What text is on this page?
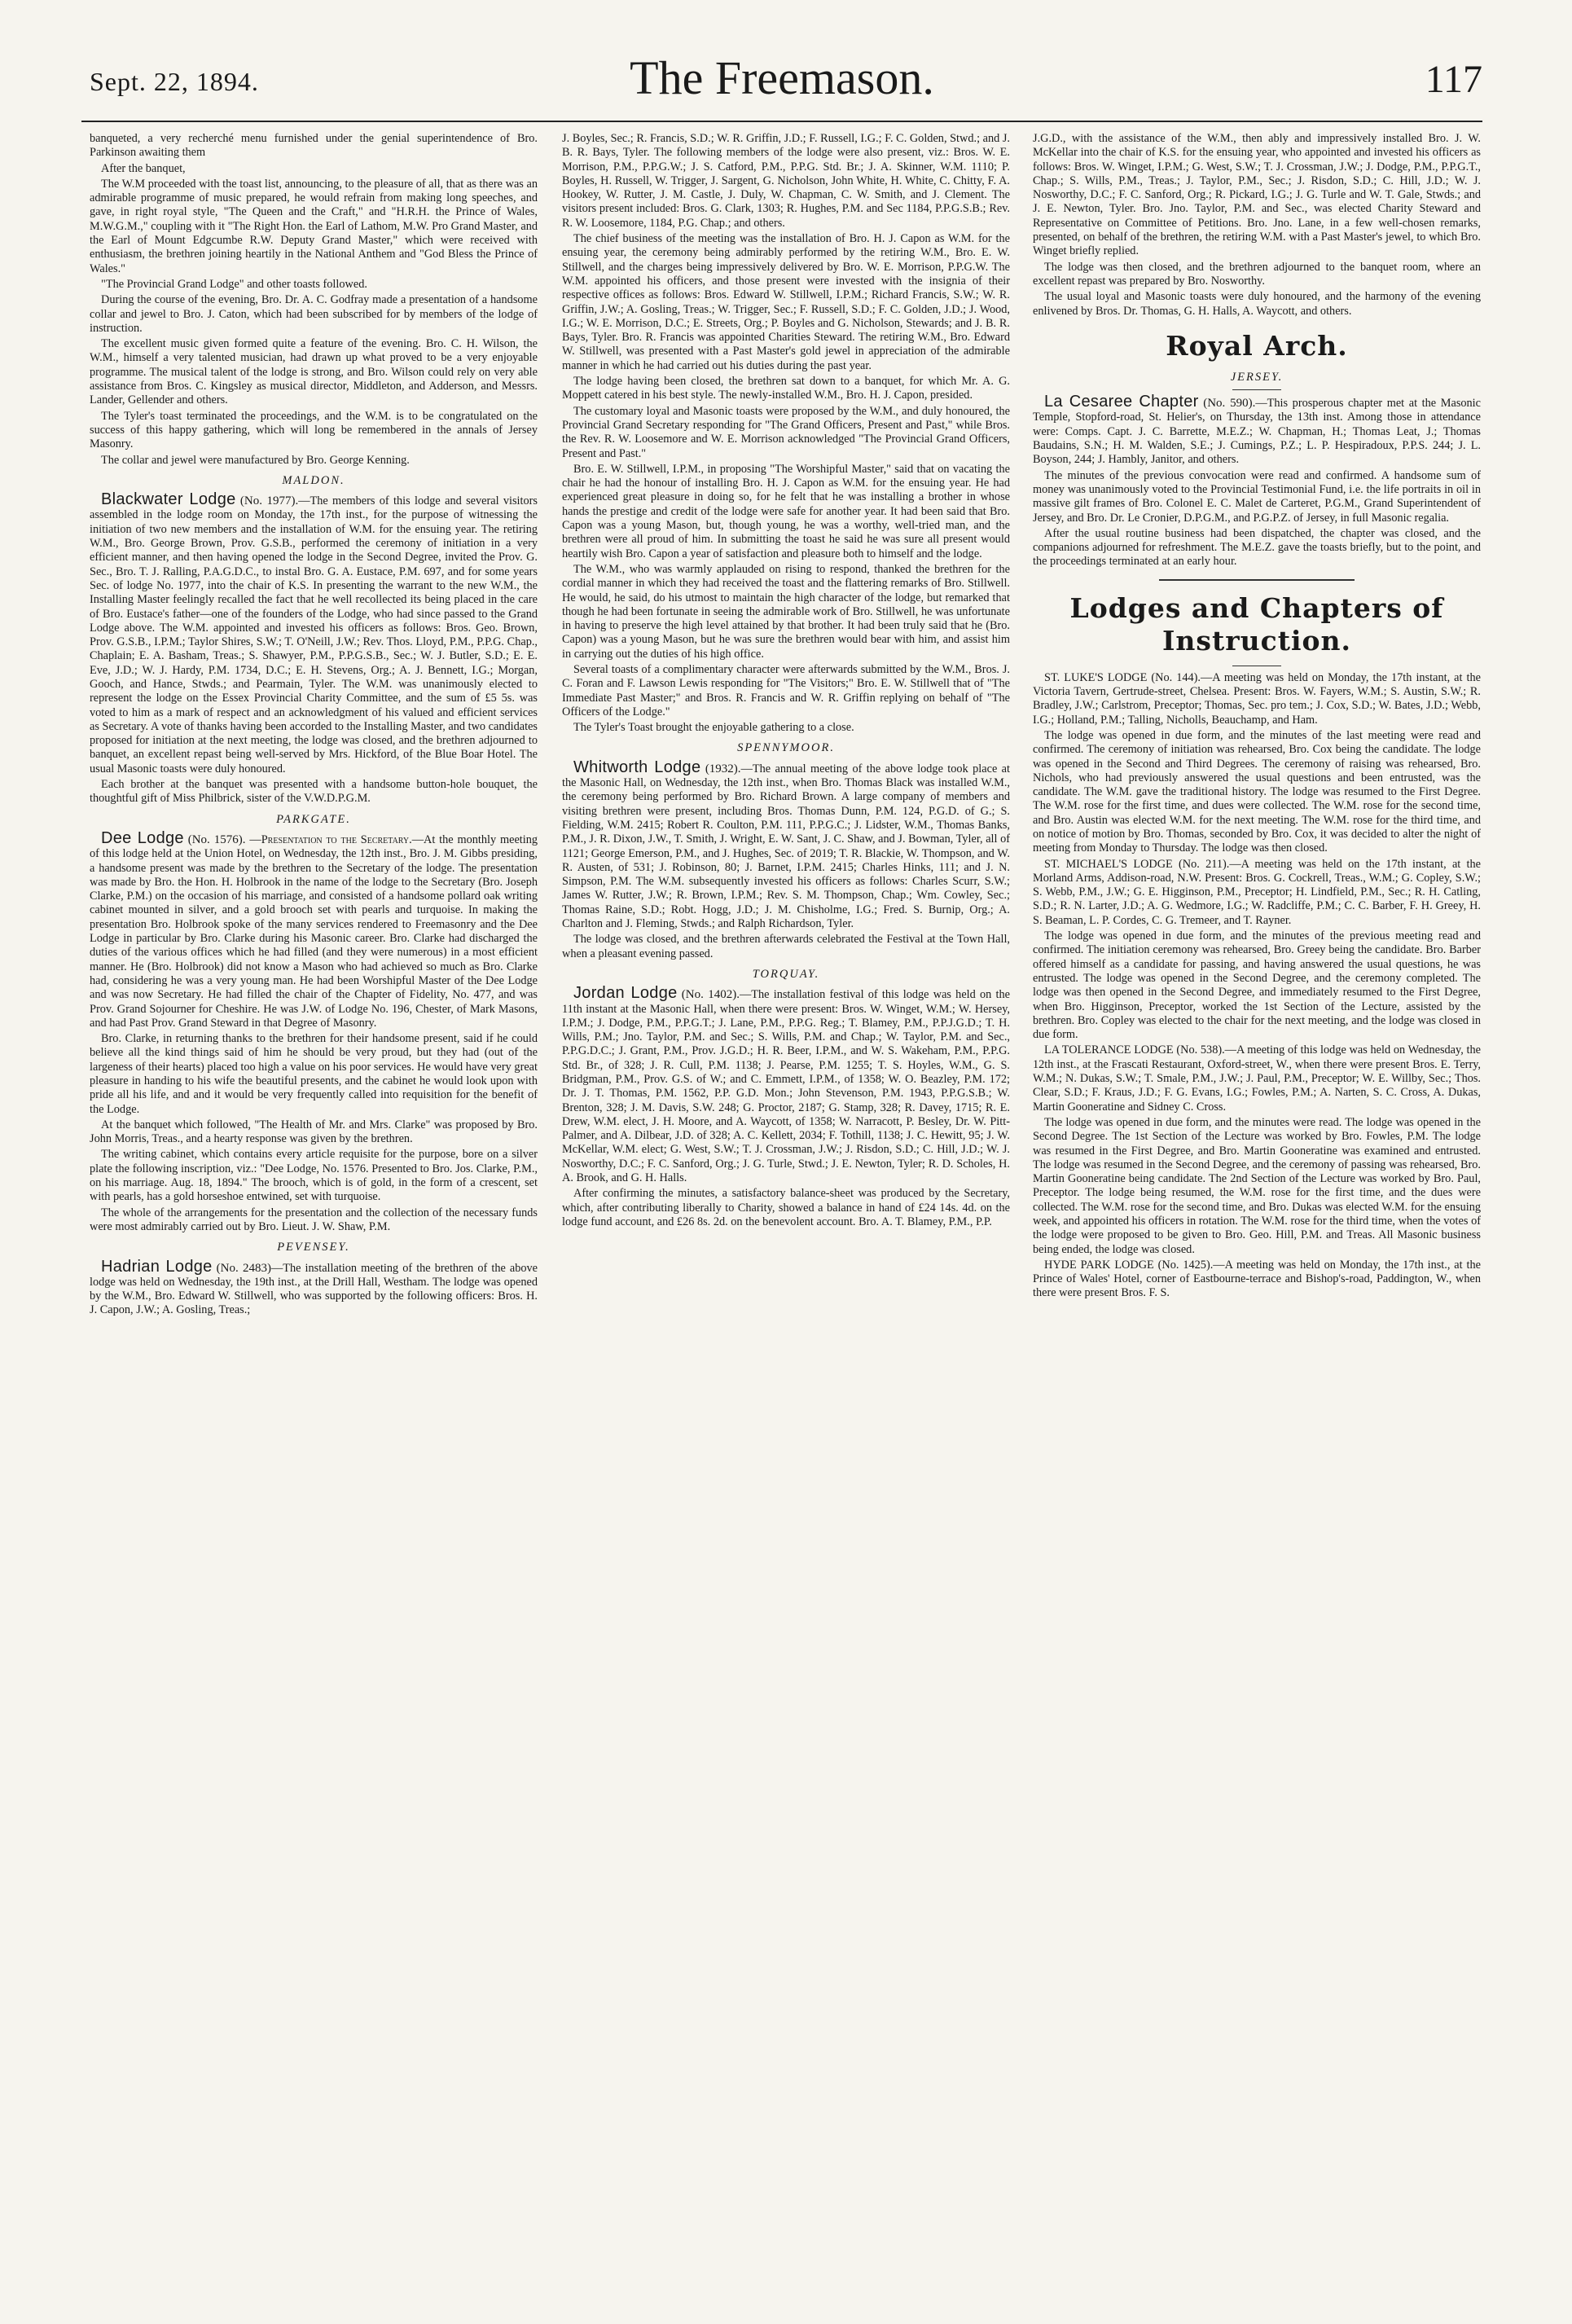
Sept. 22, 1894.	The Freemason.	117

banqueted, a very recherché menu furnished under the genial superintendence of Bro. Parkinson awaiting them

After the banquet,

The W.M proceeded with the toast list, announcing, to the pleasure of all, that as there was an admirable programme of music prepared, he would refrain from making long speeches, and gave, in right royal style, "The Queen and the Craft," and "H.R.H. the Prince of Wales, M.W.G.M.," coupling with it "The Right Hon. the Earl of Lathom, M.W. Pro Grand Master, and the Earl of Mount Edgcumbe R.W. Deputy Grand Master," which were received with enthusiasm, the brethren joining heartily in the National Anthem and "God Bless the Prince of Wales."

"The Provincial Grand Lodge" and other toasts followed.

During the course of the evening, Bro. Dr. A. C. Godfray made a presentation of a handsome collar and jewel to Bro. J. Caton, which had been subscribed for by members of the lodge of instruction.

The excellent music given formed quite a feature of the evening. Bro. C. H. Wilson, the W.M., himself a very talented musician, had drawn up what proved to be a very enjoyable programme. The musical talent of the lodge is strong, and Bro. Wilson could rely on very able assistance from Bros. C. Kingsley as musical director, Middleton, and Adderson, and Messrs. Lander, Gellender and others.

The Tyler's toast terminated the proceedings, and the W.M. is to be congratulated on the success of this happy gathering, which will long be remembered in the annals of Jersey Masonry.

The collar and jewel were manufactured by Bro. George Kenning.

MALDON.

Blackwater Lodge (No. 1977).—The members of this lodge and several visitors assembled in the lodge room on Monday, the 17th inst., for the purpose of witnessing the initiation of two new members and the installation of W.M. for the ensuing year. The retiring W.M., Bro. George Brown, Prov. G.S.B., performed the ceremony of initiation in a very efficient manner, and then having opened the lodge in the Second Degree, invited the Prov. G. Sec., Bro. T. J. Ralling, P.A.G.D.C., to instal Bro. G. A. Eustace, P.M. 697, and for some years Sec. of lodge No. 1977, into the chair of K.S. In presenting the warrant to the new W.M., the Installing Master feelingly recalled the fact that he well recollected its being placed in the care of Bro. Eustace's father—one of the founders of the Lodge, who had since passed to the Grand Lodge above. The W.M. appointed and invested his officers as follows: Bros. Geo. Brown, Prov. G.S.B., I.P.M.; Taylor Shires, S.W.; T. O'Neill, J.W.; Rev. Thos. Lloyd, P.M., P.P.G. Chap., Chaplain; E. A. Basham, Treas.; S. Shawyer, P.M., P.P.G.S.B., Sec.; W. J. Butler, S.D.; E. E. Eve, J.D.; W. J. Hardy, P.M. 1734, D.C.; E. H. Stevens, Org.; A. J. Bennett, I.G.; Morgan, Gooch, and Hance, Stwds.; and Pearmain, Tyler. The W.M. was unanimously elected to represent the lodge on the Essex Provincial Charity Committee, and the sum of £5 5s. was voted to him as a mark of respect and an acknowledgment of his valued and efficient services as Secretary. A vote of thanks having been accorded to the Installing Master, and two candidates proposed for initiation at the next meeting, the lodge was closed, and the brethren adjourned to banquet, an excellent repast being well-served by Mrs. Hickford, of the Blue Boar Hotel. The usual Masonic toasts were duly honoured.

Each brother at the banquet was presented with a handsome button-hole bouquet, the thoughtful gift of Miss Philbrick, sister of the V.W.D.P.G.M.

PARKGATE.

Dee Lodge (No. 1576). —Presentation to the Secretary.—At the monthly meeting of this lodge held at the Union Hotel, on Wednesday, the 12th inst., Bro. J. M. Gibbs presiding, a handsome present was made by the brethren to the Secretary of the lodge. The presentation was made by Bro. the Hon. H. Holbrook in the name of the lodge to the Secretary (Bro. Joseph Clarke, P.M.) on the occasion of his marriage, and consisted of a handsome pollard oak writing cabinet mounted in silver, and a gold brooch set with pearls and turquoise. In making the presentation Bro. Holbrook spoke of the many services rendered to Freemasonry and the Dee Lodge in particular by Bro. Clarke during his Masonic career. Bro. Clarke had discharged the duties of the various offices which he had filled (and they were numerous) in a most efficient manner. He (Bro. Holbrook) did not know a Mason who had achieved so much as Bro. Clarke had, considering he was a very young man. He had been Worshipful Master of the Dee Lodge and was now Secretary. He had filled the chair of the Chapter of Fidelity, No. 477, and was Prov. Grand Sojourner for Cheshire. He was J.W. of Lodge No. 196, Chester, of Mark Masons, and had Past Prov. Grand Steward in that Degree of Masonry.

Bro. Clarke, in returning thanks to the brethren for their handsome present, said if he could believe all the kind things said of him he should be very proud, but they had (out of the largeness of their hearts) placed too high a value on his poor services. He would have very great pleasure in handing to his wife the beautiful presents, and the cabinet he would look upon with pride all his life, and and it would be very frequently called into requisition for the benefit of the Lodge.

At the banquet which followed, "The Health of Mr. and Mrs. Clarke" was proposed by Bro. John Morris, Treas., and a hearty response was given by the brethren.

The writing cabinet, which contains every article requisite for the purpose, bore on a silver plate the following inscription, viz.: "Dee Lodge, No. 1576. Presented to Bro. Jos. Clarke, P.M., on his marriage. Aug. 18, 1894." The brooch, which is of gold, in the form of a crescent, set with pearls, has a gold horseshoe entwined, set with turquoise.

The whole of the arrangements for the presentation and the collection of the necessary funds were most admirably carried out by Bro. Lieut. J. W. Shaw, P.M.

PEVENSEY.

Hadrian Lodge (No. 2483)—The installation meeting of the brethren of the above lodge was held on Wednesday, the 19th inst., at the Drill Hall, Westham. The lodge was opened by the W.M., Bro. Edward W. Stillwell, who was supported by the following officers: Bros. H. J. Capon, J.W.; A. Gosling, Treas.;

J. Boyles, Sec.; R. Francis, S.D.; W. R. Griffin, J.D.; F. Russell, I.G.; F. C. Golden, Stwd.; and J. B. R. Bays, Tyler. The following members of the lodge were also present, viz.: Bros. W. E. Morrison, P.M., P.P.G.W.; J. S. Catford, P.M., P.P.G. Std. Br.; J. A. Skinner, W.M. 1110; P. Boyles, H. Russell, W. Trigger, J. Sargent, G. Nicholson, John White, H. White, C. Chitty, F. A. Hookey, W. Rutter, J. M. Castle, J. Duly, W. Chapman, C. W. Smith, and J. Clement. The visitors present included: Bros. G. Clark, 1303; R. Hughes, P.M. and Sec 1184, P.P.G.S.B.; Rev. R. W. Loosemore, 1184, P.G. Chap.; and others.

The chief business of the meeting was the installation of Bro. H. J. Capon as W.M. for the ensuing year, the ceremony being admirably performed by the retiring W.M., Bro. E. W. Stillwell, and the charges being impressively delivered by Bro. W. E. Morrison, P.P.G.W. The W.M. appointed his officers, and those present were invested with the insignia of their respective offices as follows: Bros. Edward W. Stillwell, I.P.M.; Richard Francis, S.W.; W. R. Griffin, J.W.; A. Gosling, Treas.; W. Trigger, Sec.; F. Russell, S.D.; F. C. Golden, J.D.; J. Wood, I.G.; W. E. Morrison, D.C.; E. Streets, Org.; P. Boyles and G. Nicholson, Stewards; and J. B. R. Bays, Tyler. Bro. R. Francis was appointed Charities Steward. The retiring W.M., Bro. Edward W. Stillwell, was presented with a Past Master's gold jewel in appreciation of the admirable manner in which he had carried out his duties during the past year.

The lodge having been closed, the brethren sat down to a banquet, for which Mr. A. G. Moppett catered in his best style. The newly-installed W.M., Bro. H. J. Capon, presided.

The customary loyal and Masonic toasts were proposed by the W.M., and duly honoured, the Provincial Grand Secretary responding for "The Grand Officers, Present and Past," while Bros. the Rev. R. W. Loosemore and W. E. Morrison acknowledged "The Provincial Grand Officers, Present and Past."

Bro. E. W. Stillwell, I.P.M., in proposing "The Worshipful Master," said that on vacating the chair he had the honour of installing Bro. H. J. Capon as W.M. for the ensuing year. He had experienced great pleasure in doing so, for he felt that he was installing a brother in whose hands the prestige and credit of the lodge were safe for another year. It had been said that Bro. Capon was a young Mason, but, though young, he was a worthy, well-tried man, and the brethren were all proud of him. In submitting the toast he said he was sure all present would heartily wish Bro. Capon a year of satisfaction and pleasure both to himself and the lodge.

The W.M., who was warmly applauded on rising to respond, thanked the brethren for the cordial manner in which they had received the toast and the flattering remarks of Bro. Stillwell. He would, he said, do his utmost to maintain the high character of the lodge, but remarked that though he had been fortunate in seeing the admirable work of Bro. Stillwell, he was unfortunate in having to preserve the high level attained by that brother. It had been truly said that he (Bro. Capon) was a young Mason, but he was sure the brethren would bear with him, and assist him in carrying out the duties of his high office.

Several toasts of a complimentary character were afterwards submitted by the W.M., Bros. J. C. Foran and F. Lawson Lewis responding for "The Visitors;" Bro. E. W. Stillwell that of "The Immediate Past Master;" and Bros. R. Francis and W. R. Griffin replying on behalf of "The Officers of the Lodge."

The Tyler's Toast brought the enjoyable gathering to a close.

SPENNYMOOR.

Whitworth Lodge (1932).—The annual meeting of the above lodge took place at the Masonic Hall, on Wednesday, the 12th inst., when Bro. Thomas Black was installed W.M., the ceremony being performed by Bro. Richard Brown. A large company of members and visiting brethren were present, including Bros. Thomas Dunn, P.M. 124, P.G.D. of G.; S. Fielding, W.M. 2415; Robert R. Coulton, P.M. 111, P.P.G.C.; J. Lidster, W.M., Thomas Banks, P.M., J. R. Dixon, J.W., T. Smith, J. Wright, E. W. Sant, J. C. Shaw, and J. Bowman, Tyler, all of 1121; George Emerson, P.M., and J. Hughes, Sec. of 2019; T. R. Blackie, W. Thompson, and W. R. Austen, of 531; J. Robinson, 80; J. Barnet, I.P.M. 2415; Charles Hinks, 111; and J. N. Simpson, P.M. The W.M. subsequently invested his officers as follows: Charles Scurr, S.W.; James W. Rutter, J.W.; R. Brown, I.P.M.; Rev. S. M. Thompson, Chap.; Wm. Cowley, Sec.; Thomas Raine, S.D.; Robt. Hogg, J.D.; J. M. Chisholme, I.G.; Fred. S. Burnip, Org.; A. Charlton and J. Fleming, Stwds.; and Ralph Richardson, Tyler.

The lodge was closed, and the brethren afterwards celebrated the Festival at the Town Hall, when a pleasant evening passed.

TORQUAY.

Jordan Lodge (No. 1402).—The installation festival of this lodge was held on the 11th instant at the Masonic Hall, when there were present: Bros. W. Winget, W.M.; W. Hersey, I.P.M.; J. Dodge, P.M., P.P.G.T.; J. Lane, P.M., P.P.G. Reg.; T. Blamey, P.M., P.P.J.G.D.; T. H. Wills, P.M.; Jno. Taylor, P.M. and Sec.; S. Wills, P.M. and Chap.; W. Taylor, P.M. and Sec., P.P.G.D.C.; J. Grant, P.M., Prov. J.G.D.; H. R. Beer, I.P.M., and W. S. Wakeham, P.M., P.P.G. Std. Br., of 328; J. R. Cull, P.M. 1138; J. Pearse, P.M. 1255; T. S. Hoyles, W.M., G. S. Bridgman, P.M., Prov. G.S. of W.; and C. Emmett, I.P.M., of 1358; W. O. Beazley, P.M. 172; Dr. J. T. Thomas, P.M. 1562, P.P. G.D. Mon.; John Stevenson, P.M. 1943, P.P.G.S.B.; W. Brenton, 328; J. M. Davis, S.W. 248; G. Proctor, 2187; G. Stamp, 328; R. Davey, 1715; R. E. Drew, W.M. elect, J. H. Moore, and A. Waycott, of 1358; W. Narracott, P. Besley, Dr. W. Pitt-Palmer, and A. Dilbear, J.D. of 328; A. C. Kellett, 2034; F. Tothill, 1138; J. C. Hewitt, 95; J. W. McKellar, W.M. elect; G. West, S.W.; T. J. Crossman, J.W.; J. Risdon, S.D.; C. Hill, J.D.; W. J. Nosworthy, D.C.; F. C. Sanford, Org.; J. G. Turle, Stwd.; J. E. Newton, Tyler; R. D. Scholes, H. A. Brook, and G. H. Halls.

After confirming the minutes, a satisfactory balance-sheet was produced by the Secretary, which, after contributing liberally to Charity, showed a balance in hand of £24 14s. 4d. on the lodge fund account, and £26 8s. 2d. on the benevolent account. Bro. A. T. Blamey, P.M., P.P.

J.G.D., with the assistance of the W.M., then ably and impressively installed Bro. J. W. McKellar into the chair of K.S. for the ensuing year, who appointed and invested his officers as follows: Bros. W. Winget, I.P.M.; G. West, S.W.; T. J. Crossman, J.W.; J. Dodge, P.M., P.P.G.T., Chap.; S. Wills, P.M., Treas.; J. Taylor, P.M., Sec.; J. Risdon, S.D.; C. Hill, J.D.; W. J. Nosworthy, D.C.; F. C. Sanford, Org.; R. Pickard, I.G.; J. G. Turle and W. T. Gale, Stwds.; and J. E. Newton, Tyler. Bro. Jno. Taylor, P.M. and Sec., was elected Charity Steward and Representative on Committee of Petitions. Bro. Jno. Lane, in a few well-chosen remarks, presented, on behalf of the brethren, the retiring W.M. with a Past Master's jewel, to which Bro. Winget briefly replied.

The lodge was then closed, and the brethren adjourned to the banquet room, where an excellent repast was prepared by Bro. Nosworthy.

The usual loyal and Masonic toasts were duly honoured, and the harmony of the evening enlivened by Bros. Dr. Thomas, G. H. Halls, A. Waycott, and others.

Royal Arch.
JERSEY.

La Cesaree Chapter (No. 590).—This prosperous chapter met at the Masonic Temple, Stopford-road, St. Helier's, on Thursday, the 13th inst. Among those in attendance were: Comps. Capt. J. C. Barrette, M.E.Z.; W. Chapman, H.; Thomas Leat, J.; Thomas Baudains, S.N.; H. M. Walden, S.E.; J. Cumings, P.Z.; L. P. Hespiradoux, P.P.S. 244; J. L. Boyson, 244; J. Hambly, Janitor, and others.

The minutes of the previous convocation were read and confirmed. A handsome sum of money was unanimously voted to the Provincial Testimonial Fund, i.e. the life portraits in oil in massive gilt frames of Bro. Colonel E. C. Malet de Carteret, P.G.M., Grand Superintendent of Jersey, and Bro. Dr. Le Cronier, D.P.G.M., and P.G.P.Z. of Jersey, in full Masonic regalia.

After the usual routine business had been dispatched, the chapter was closed, and the companions adjourned for refreshment. The M.E.Z. gave the toasts briefly, but to the point, and the proceedings terminated at an early hour.

Lodges and Chapters of Instruction.

ST. LUKE'S LODGE (No. 144).—A meeting was held on Monday, the 17th instant, at the Victoria Tavern, Gertrude-street, Chelsea. Present: Bros. W. Fayers, W.M.; S. Austin, S.W.; R. Bradley, J.W.; Carlstrom, Preceptor; Thomas, Sec. pro tem.; J. Cox, S.D.; W. Bates, J.D.; Webb, I.G.; Holland, P.M.; Talling, Nicholls, Beauchamp, and Ham.

The lodge was opened in due form, and the minutes of the last meeting were read and confirmed. The ceremony of initiation was rehearsed, Bro. Cox being the candidate. The lodge was opened in the Second and Third Degrees. The ceremony of raising was rehearsed, Bro. Nichols, who had previously answered the usual questions and been entrusted, was the candidate. The W.M. gave the traditional history. The lodge was resumed to the First Degree. The W.M. rose for the first time, and dues were collected. The W.M. rose for the second time, and Bro. Austin was elected W.M. for the next meeting. The W.M. rose for the third time, and on notice of motion by Bro. Thomas, seconded by Bro. Cox, it was decided to alter the night of meeting from Monday to Thursday. The lodge was then closed.

ST. MICHAEL'S LODGE (No. 211).—A meeting was held on the 17th instant, at the Morland Arms, Addison-road, N.W. Present: Bros. G. Cockrell, Treas., W.M.; G. Copley, S.W.; S. Webb, P.M., J.W.; G. E. Higginson, P.M., Preceptor; H. Lindfield, P.M., Sec.; R. H. Catling, S.D.; R. N. Larter, J.D.; A. G. Wedmore, I.G.; W. Radcliffe, P.M.; C. C. Barber, F. H. Greey, H. S. Beaman, L. P. Cordes, C. G. Tremeer, and T. Rayner.

The lodge was opened in due form, and the minutes of the previous meeting read and confirmed. The initiation ceremony was rehearsed, Bro. Greey being the candidate. Bro. Barber offered himself as a candidate for passing, and having answered the usual questions, he was entrusted. The lodge was opened in the Second Degree, and the ceremony completed. The lodge was then opened in the Second Degree, and immediately resumed to the First Degree, when Bro. Higginson, Preceptor, worked the 1st Section of the Lecture, assisted by the brethren. Bro. Copley was elected to the chair for the next meeting, and the lodge was closed in due form.

LA TOLERANCE LODGE (No. 538).—A meeting of this lodge was held on Wednesday, the 12th inst., at the Frascati Restaurant, Oxford-street, W., when there were present Bros. E. Terry, W.M.; N. Dukas, S.W.; T. Smale, P.M., J.W.; J. Paul, P.M., Preceptor; W. E. Willby, Sec.; Thos. Clear, S.D.; F. Kraus, J.D.; F. G. Evans, I.G.; Fowles, P.M.; A. Narten, S. C. Cross, A. Dukas, Martin Gooneratine and Sidney C. Cross.

The lodge was opened in due form, and the minutes were read. The lodge was opened in the Second Degree. The 1st Section of the Lecture was worked by Bro. Fowles, P.M. The lodge was resumed in the First Degree, and Bro. Martin Gooneratine was examined and entrusted. The lodge was resumed in the Second Degree, and the ceremony of passing was rehearsed, Bro. Martin Gooneratine being candidate. The 2nd Section of the Lecture was worked by Bro. Paul, Preceptor. The lodge being resumed, the W.M. rose for the first time, and the dues were collected. The W.M. rose for the second time, and Bro. Dukas was elected W.M. for the ensuing week, and appointed his officers in rotation. The W.M. rose for the third time, when the votes of the lodge were proposed to be given to Bro. Geo. Hill, P.M. and Treas. All Masonic business being ended, the lodge was closed.

HYDE PARK LODGE (No. 1425).—A meeting was held on Monday, the 17th inst., at the Prince of Wales' Hotel, corner of Eastbourne-terrace and Bishop's-road, Paddington, W., when there were present Bros. F. S.
